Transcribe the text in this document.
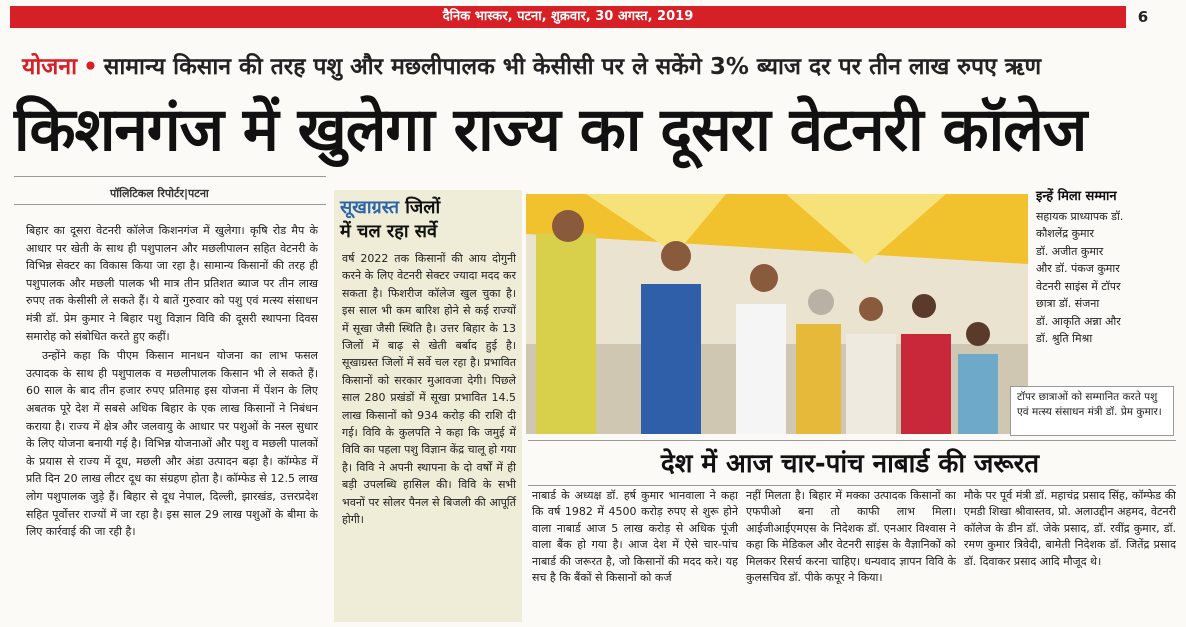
दैनिक भास्कर, पटना, शुक्रवार, 30 अगस्त, 2019	6
योजना • सामान्य किसान की तरह पशु और मछलीपालक भी केसीसी पर ले सकेंगे 3% ब्याज दर पर तीन लाख रुपए ऋण
किशनगंज में खुलेगा राज्य का दूसरा वेटनरी कॉलेज
पॉलिटिकल रिपोर्टर|पटना

बिहार का दूसरा वेटनरी कॉलेज किशनगंज में खुलेगा। कृषि रोड मैप के आधार पर खेती के साथ ही पशुपालन और मछलीपालन सहित वेटनरी के विभिन्न सेक्टर का विकास किया जा रहा है। सामान्य किसानों की तरह ही पशुपालक और मछली पालक भी मात्र तीन प्रतिशत ब्याज पर तीन लाख रुपए तक केसीसी ले सकते हैं। ये बातें गुरुवार को पशु एवं मत्स्य संसाधन मंत्री डॉ. प्रेम कुमार ने बिहार पशु विज्ञान विवि की दूसरी स्थापना दिवस समारोह को संबोधित करते हुए कहीं।

उन्होंने कहा कि पीएम किसान मानधन योजना का लाभ फसल उत्पादक के साथ ही पशुपालक व मछलीपालक किसान भी ले सकते हैं। 60 साल के बाद तीन हजार रुपए प्रतिमाह इस योजना में पेंशन के लिए अबतक पूरे देश में सबसे अधिक बिहार के एक लाख किसानों ने निबंधन कराया है। राज्य में क्षेत्र और जलवायु के आधार पर पशुओं के नस्ल सुधार के लिए योजना बनायी गई है। विभिन्न योजनाओं और पशु व मछली पालकों के प्रयास से राज्य में दूध, मछली और अंडा उत्पादन बढ़ा है। कॉम्फेड में प्रति दिन 20 लाख लीटर दूध का संग्रहण होता है। कॉम्फेड से 12.5 लाख लोग पशुपालक जुड़े हैं। बिहार से दूध नेपाल, दिल्ली, झारखंड, उत्तरप्रदेश सहित पूर्वोत्तर राज्यों में जा रहा है। इस साल 29 लाख पशुओं के बीमा के लिए कार्रवाई की जा रही है।

सूखाग्रस्त जिलों
में चल रहा सर्वे
वर्ष 2022 तक किसानों की आय दोगुनी करने के लिए वेटनरी सेक्टर ज्यादा मदद कर सकता है। फिशरीज कॉलेज खुल चुका है। इस साल भी कम बारिश होने से कई राज्यों में सूखा जैसी स्थिति है। उत्तर बिहार के 13 जिलों में बाढ़ से खेती बर्बाद हुई है। सूखाग्रस्त जिलों में सर्वे चल रहा है। प्रभावित किसानों को सरकार मुआवजा देगी। पिछले साल 280 प्रखंडों में सूखा प्रभावित 14.5 लाख किसानों को 934 करोड़ की राशि दी गई। विवि के कुलपति ने कहा कि जमुई में विवि का पहला पशु विज्ञान केंद्र चालू हो गया है। विवि ने अपनी स्थापना के दो वर्षों में ही बड़ी उपलब्धि हासिल की। विवि के सभी भवनों पर सोलर पैनल से बिजली की आपूर्ति होगी।
इन्हें मिला सम्मान
सहायक प्राध्यापक डॉ.
कौशलेंद्र कुमार
डॉ. अजीत कुमार
और डॉ. पंकज कुमार
वेटनरी साइंस में टॉपर
छात्रा डॉ. संजना
डॉ. आकृति अन्ना और
डॉ. श्रुति मिश्रा
टॉपर छात्राओं को सम्मानित करते पशु एवं मत्स्य संसाधन मंत्री डॉ. प्रेम कुमार।
देश में आज चार-पांच नाबार्ड की जरूरत
नाबार्ड के अध्यक्ष डॉ. हर्ष कुमार भानवाला ने कहा कि वर्ष 1982 में 4500 करोड़ रुपए से शुरू होने वाला नाबार्ड आज 5 लाख करोड़ से अधिक पूंजी वाला बैंक हो गया है। आज देश में ऐसे चार-पांच नाबार्ड की जरूरत है, जो किसानों की मदद करे। यह सच है कि बैंकों से किसानों को कर्ज
नहीं मिलता है। बिहार में मक्का उत्पादक किसानों का एफपीओ बना तो काफी लाभ मिला। आईजीआईएमएस के निदेशक डॉ. एनआर विश्वास ने कहा कि मेडिकल और वेटनरी साइंस के वैज्ञानिकों को मिलकर रिसर्च करना चाहिए। धन्यवाद ज्ञापन विवि के कुलसचिव डॉ. पीके कपूर ने किया।
मौके पर पूर्व मंत्री डॉ. महाचंद्र प्रसाद सिंह, कॉम्फेड की एमडी शिखा श्रीवास्तव, प्रो. अलाउद्दीन अहमद, वेटनरी कॉलेज के डीन डॉ. जेके प्रसाद, डॉ. रवींद्र कुमार, डॉ. रमण कुमार त्रिवेदी, बामेती निदेशक डॉ. जितेंद्र प्रसाद डॉ. दिवाकर प्रसाद आदि मौजूद थे।
